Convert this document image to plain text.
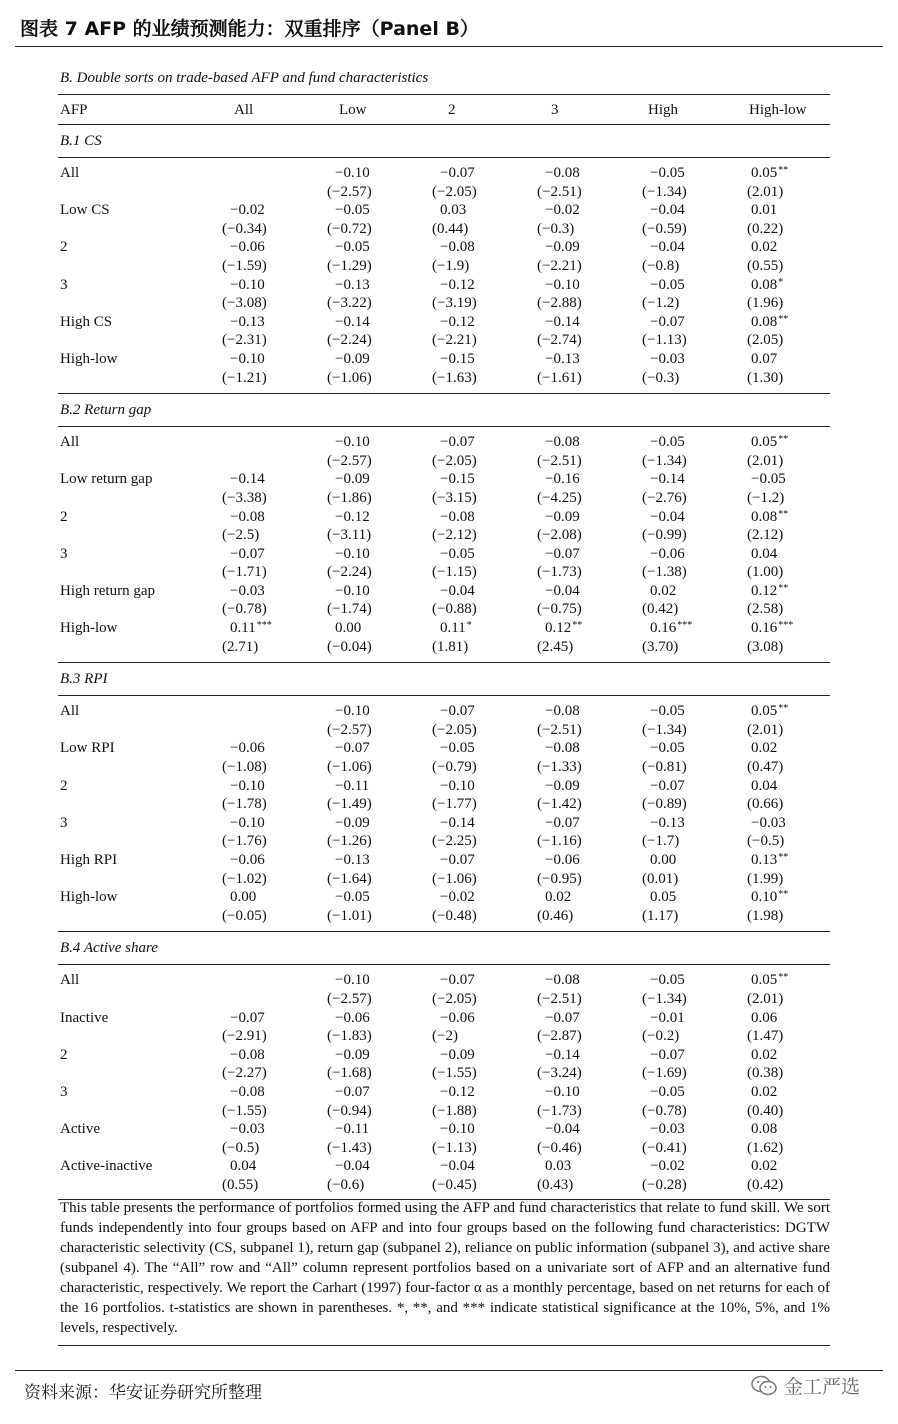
图表 7 AFP 的业绩预测能力：双重排序（Panel B）
B. Double sorts on trade-based AFP and fund characteristics
AFP	All	Low	2	3	High	High-low
B.1 CS						

All		−0.10	−0.07	−0.08	−0.05	0.05**
		(−2.57)	(−2.05)	(−2.51)	(−1.34)	(2.01)
Low CS	−0.02	−0.05	0.03	−0.02	−0.04	0.01
	(−0.34)	(−0.72)	(0.44)	(−0.3)	(−0.59)	(0.22)
2	−0.06	−0.05	−0.08	−0.09	−0.04	0.02
	(−1.59)	(−1.29)	(−1.9)	(−2.21)	(−0.8)	(0.55)
3	−0.10	−0.13	−0.12	−0.10	−0.05	0.08*
	(−3.08)	(−3.22)	(−3.19)	(−2.88)	(−1.2)	(1.96)
High CS	−0.13	−0.14	−0.12	−0.14	−0.07	0.08**
	(−2.31)	(−2.24)	(−2.21)	(−2.74)	(−1.13)	(2.05)
High-low	−0.10	−0.09	−0.15	−0.13	−0.03	0.07
	(−1.21)	(−1.06)	(−1.63)	(−1.61)	(−0.3)	(1.30)

B.2 Return gap						

All		−0.10	−0.07	−0.08	−0.05	0.05**
		(−2.57)	(−2.05)	(−2.51)	(−1.34)	(2.01)
Low return gap	−0.14	−0.09	−0.15	−0.16	−0.14	−0.05
	(−3.38)	(−1.86)	(−3.15)	(−4.25)	(−2.76)	(−1.2)
2	−0.08	−0.12	−0.08	−0.09	−0.04	0.08**
	(−2.5)	(−3.11)	(−2.12)	(−2.08)	(−0.99)	(2.12)
3	−0.07	−0.10	−0.05	−0.07	−0.06	0.04
	(−1.71)	(−2.24)	(−1.15)	(−1.73)	(−1.38)	(1.00)
High return gap	−0.03	−0.10	−0.04	−0.04	0.02	0.12**
	(−0.78)	(−1.74)	(−0.88)	(−0.75)	(0.42)	(2.58)
High-low	0.11***	0.00	0.11*	0.12**	0.16***	0.16***
	(2.71)	(−0.04)	(1.81)	(2.45)	(3.70)	(3.08)

B.3 RPI						

All		−0.10	−0.07	−0.08	−0.05	0.05**
		(−2.57)	(−2.05)	(−2.51)	(−1.34)	(2.01)
Low RPI	−0.06	−0.07	−0.05	−0.08	−0.05	0.02
	(−1.08)	(−1.06)	(−0.79)	(−1.33)	(−0.81)	(0.47)
2	−0.10	−0.11	−0.10	−0.09	−0.07	0.04
	(−1.78)	(−1.49)	(−1.77)	(−1.42)	(−0.89)	(0.66)
3	−0.10	−0.09	−0.14	−0.07	−0.13	−0.03
	(−1.76)	(−1.26)	(−2.25)	(−1.16)	(−1.7)	(−0.5)
High RPI	−0.06	−0.13	−0.07	−0.06	0.00	0.13**
	(−1.02)	(−1.64)	(−1.06)	(−0.95)	(0.01)	(1.99)
High-low	0.00	−0.05	−0.02	0.02	0.05	0.10**
	(−0.05)	(−1.01)	(−0.48)	(0.46)	(1.17)	(1.98)

B.4 Active share						

All		−0.10	−0.07	−0.08	−0.05	0.05**
		(−2.57)	(−2.05)	(−2.51)	(−1.34)	(2.01)
Inactive	−0.07	−0.06	−0.06	−0.07	−0.01	0.06
	(−2.91)	(−1.83)	(−2)	(−2.87)	(−0.2)	(1.47)
2	−0.08	−0.09	−0.09	−0.14	−0.07	0.02
	(−2.27)	(−1.68)	(−1.55)	(−3.24)	(−1.69)	(0.38)
3	−0.08	−0.07	−0.12	−0.10	−0.05	0.02
	(−1.55)	(−0.94)	(−1.88)	(−1.73)	(−0.78)	(0.40)
Active	−0.03	−0.11	−0.10	−0.04	−0.03	0.08
	(−0.5)	(−1.43)	(−1.13)	(−0.46)	(−0.41)	(1.62)
Active-inactive	0.04	−0.04	−0.04	0.03	−0.02	0.02
	(0.55)	(−0.6)	(−0.45)	(0.43)	(−0.28)	(0.42)

This table presents the performance of portfolios formed using the AFP and fund characteristics that relate to fund skill. We sort funds independently into four groups based on AFP and into four groups based on the following fund characteristics: DGTW characteristic selectivity (CS, subpanel 1), return gap (subpanel 2), reliance on public information (subpanel 3), and active share (subpanel 4). The “All” row and “All” column represent portfolios based on a univariate sort of AFP and an alternative fund characteristic, respectively. We report the Carhart (1997) four-factor α as a monthly percentage, based on net returns for each of the 16 portfolios. t-statistics are shown in parentheses. *, **, and *** indicate statistical significance at the 10%, 5%, and 1% levels, respectively.
资料来源：华安证券研究所整理	金工严选
